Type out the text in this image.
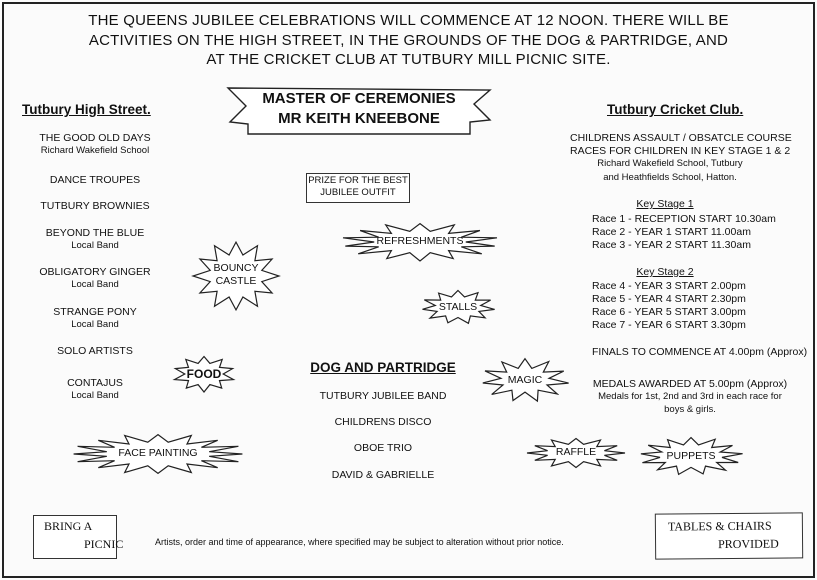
THE QUEENS JUBILEE CELEBRATIONS WILL COMMENCE AT 12 NOON. THERE WILL BE
ACTIVITIES ON THE HIGH STREET, IN THE GROUNDS OF THE DOG & PARTRIDGE, AND
AT THE CRICKET CLUB AT TUTBURY MILL PICNIC SITE.
MASTER OF CEREMONIES
MR KEITH KNEEBONE
Tutbury High Street.
THE GOOD OLD DAYS
Richard Wakefield School
DANCE TROUPES
TUTBURY BROWNIES
BEYOND THE BLUE
Local Band
OBLIGATORY GINGER
Local Band
STRANGE PONY
Local Band
SOLO ARTISTS
CONTAJUS
Local Band
PRIZE FOR THE BEST
JUBILEE OUTFIT
DOG AND PARTRIDGE
TUTBURY JUBILEE BAND
CHILDRENS DISCO
OBOE TRIO
DAVID & GABRIELLE
Tutbury Cricket Club.
CHILDRENS ASSAULT / OBSATCLE COURSE
RACES FOR CHILDREN IN KEY STAGE 1 & 2
Richard Wakefield School, Tutbury
and Heathfields School, Hatton.
Key Stage 1
Race 1 - RECEPTION START 10.30am
Race 2 - YEAR 1 START 11.00am
Race 3 - YEAR 2 START 11.30am
Key Stage 2
Race 4 - YEAR 3 START 2.00pm
Race 5 - YEAR 4 START 2.30pm
Race 6 - YEAR 5 START 3.00pm
Race 7 - YEAR 6 START 3.30pm
FINALS TO COMMENCE AT 4.00pm (Approx)
MEDALS AWARDED AT 5.00pm (Approx)
Medals for 1st, 2nd and 3rd in each race for
boys & girls.
BOUNCY
CASTLE
REFRESHMENTS
STALLS
FOOD	MAGIC
FACE PAINTING	RAFFLE	PUPPETS
BRING A
PICNIC	Artists, order and time of appearance, where specified may be subject to alteration without prior notice.
TABLES & CHAIRS
PROVIDED
